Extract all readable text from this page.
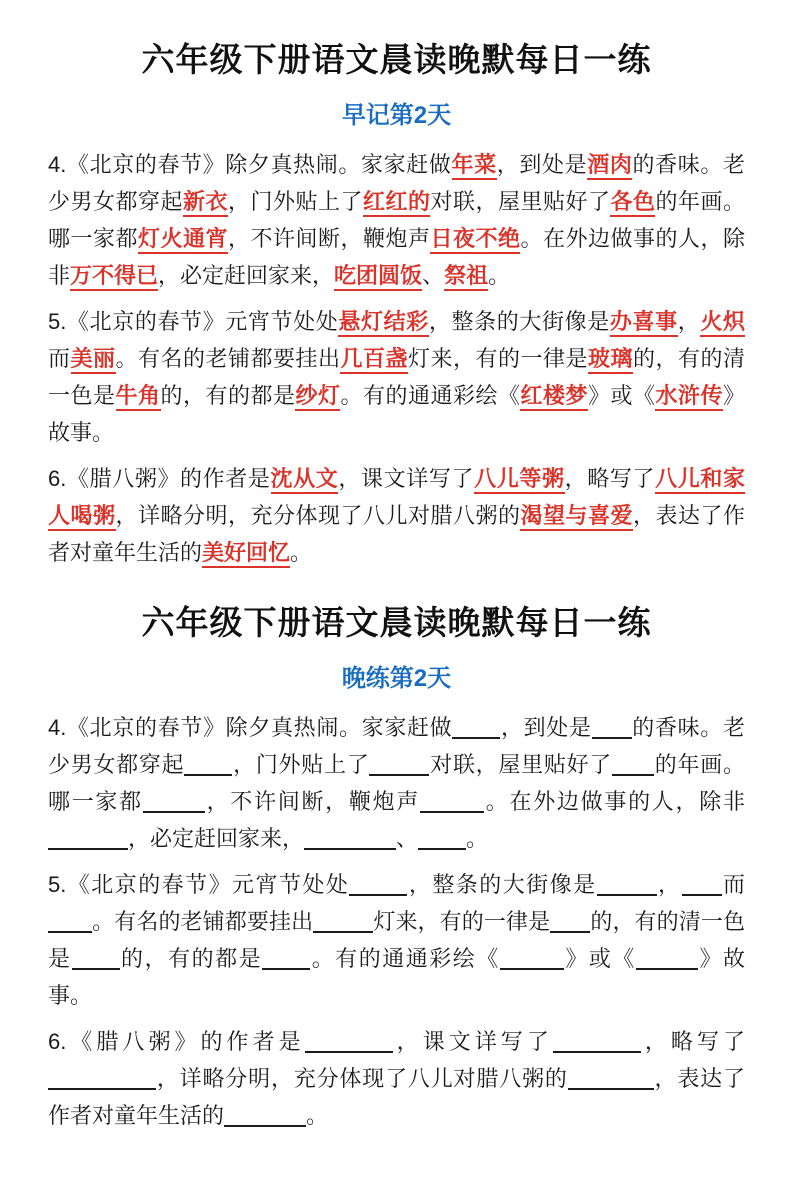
六年级下册语文晨读晚默每日一练
早记第2天

4.《北京的春节》除夕真热闹。家家赶做年菜，到处是酒肉的香味。老少男女都穿起新衣，门外贴上了红红的对联，屋里贴好了各色的年画。哪一家都灯火通宵，不许间断，鞭炮声日夜不绝。在外边做事的人，除非万不得已，必定赶回家来，吃团圆饭、祭祖。

5.《北京的春节》元宵节处处悬灯结彩，整条的大街像是办喜事，火炽而美丽。有名的老铺都要挂出几百盏灯来，有的一律是玻璃的，有的清一色是牛角的，有的都是纱灯。有的通通彩绘《红楼梦》或《水浒传》故事。

6.《腊八粥》的作者是沈从文，课文详写了八儿等粥，略写了八儿和家人喝粥，详略分明，充分体现了八儿对腊八粥的渴望与喜爱，表达了作者对童年生活的美好回忆。

六年级下册语文晨读晚默每日一练
晚练第2天

4.《北京的春节》除夕真热闹。家家赶做 ，到处是 的香味。老少男女都穿起 ，门外贴上了	对联，屋里贴好了 的年画。哪一家都	，不许间断，鞭炮声	。在外边做事的人，除非，必定赶回家来，	、 。

5.《北京的春节》元宵节处处	，整条的大街像是	， 而。有名的老铺都要挂出	灯来，有的一律是 的，有的清一色是 的，有的都是 。有的通通彩绘《	》或《	》故事。

6.《腊八粥》的作者是	，课文详写了	，略写了，详略分明，充分体现了八儿对腊八粥的	，表达了作者对童年生活的	。
